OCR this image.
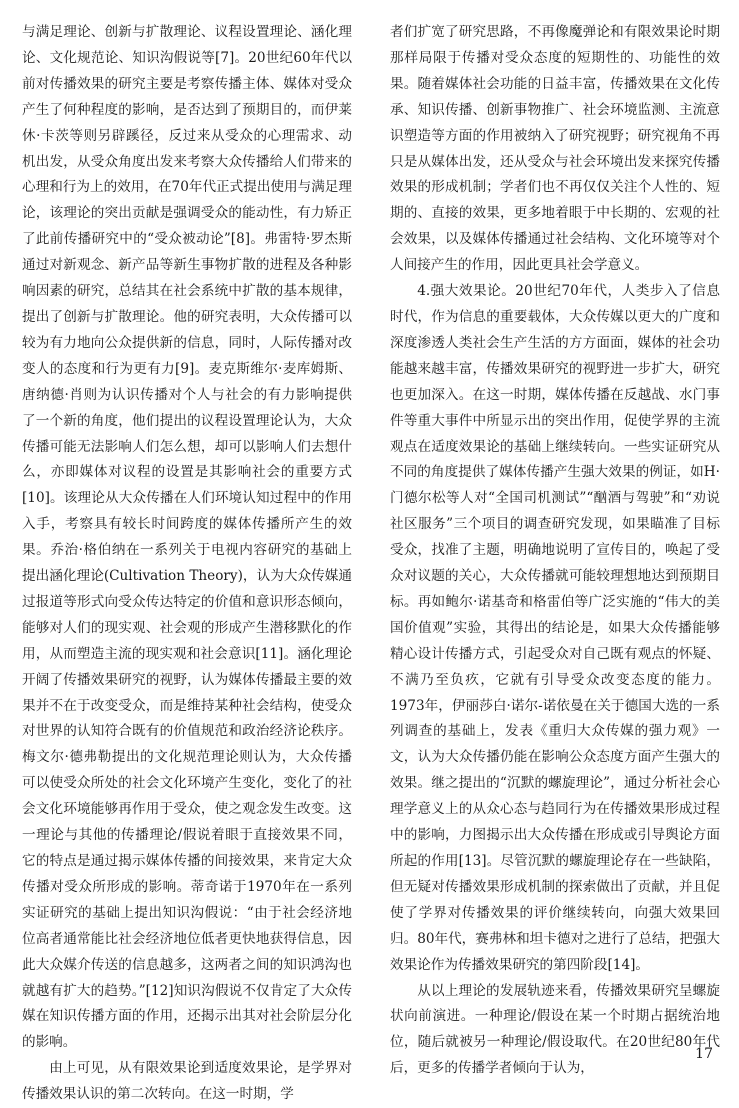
与满足理论、创新与扩散理论、议程设置理论、涵化理论、文化规范论、知识沟假说等[7]。20世纪60年代以前对传播效果的研究主要是考察传播主体、媒体对受众产生了何种程度的影响，是否达到了预期目的，而伊莱休·卡茨等则另辟蹊径，反过来从受众的心理需求、动机出发，从受众角度出发来考察大众传播给人们带来的心理和行为上的效用，在70年代正式提出使用与满足理论，该理论的突出贡献是强调受众的能动性，有力矫正了此前传播研究中的“受众被动论”[8]。弗雷特·罗杰斯通过对新观念、新产品等新生事物扩散的进程及各种影响因素的研究，总结其在社会系统中扩散的基本规律，提出了创新与扩散理论。他的研究表明，大众传播可以较为有力地向公众提供新的信息，同时，人际传播对改变人的态度和行为更有力[9]。麦克斯维尔·麦库姆斯、唐纳德·肖则为认识传播对个人与社会的有力影响提供了一个新的角度，他们提出的议程设置理论认为，大众传播可能无法影响人们怎么想，却可以影响人们去想什么，亦即媒体对议程的设置是其影响社会的重要方式[10]。该理论从大众传播在人们环境认知过程中的作用入手，考察具有较长时间跨度的媒体传播所产生的效果。乔治·格伯纳在一系列关于电视内容研究的基础上提出涵化理论(Cultivation Theory)，认为大众传媒通过报道等形式向受众传达特定的价值和意识形态倾向，能够对人们的现实观、社会观的形成产生潜移默化的作用，从而塑造主流的现实观和社会意识[11]。涵化理论开阔了传播效果研究的视野，认为媒体传播最主要的效果并不在于改变受众，而是维持某种社会结构，使受众对世界的认知符合既有的价值规范和政治经济论秩序。梅文尔·德弗勒提出的文化规范理论则认为，大众传播可以使受众所处的社会文化环境产生变化，变化了的社会文化环境能够再作用于受众，使之观念发生改变。这一理论与其他的传播理论/假说着眼于直接效果不同，它的特点是通过揭示媒体传播的间接效果，来肯定大众传播对受众所形成的影响。蒂奇诺于1970年在一系列实证研究的基础上提出知识沟假说：“由于社会经济地位高者通常能比社会经济地位低者更快地获得信息，因此大众媒介传送的信息越多，这两者之间的知识鸿沟也就越有扩大的趋势。”[12]知识沟假说不仅肯定了大众传媒在知识传播方面的作用，还揭示出其对社会阶层分化的影响。

由上可见，从有限效果论到适度效果论，是学界对传播效果认识的第二次转向。在这一时期，学

者们扩宽了研究思路，不再像魔弹论和有限效果论时期那样局限于传播对受众态度的短期性的、功能性的效果。随着媒体社会功能的日益丰富，传播效果在文化传承、知识传播、创新事物推广、社会环境监测、主流意识塑造等方面的作用被纳入了研究视野；研究视角不再只是从媒体出发，还从受众与社会环境出发来探究传播效果的形成机制；学者们也不再仅仅关注个人性的、短期的、直接的效果，更多地着眼于中长期的、宏观的社会效果，以及媒体传播通过社会结构、文化环境等对个人间接产生的作用，因此更具社会学意义。

4.强大效果论。20世纪70年代，人类步入了信息时代，作为信息的重要载体，大众传媒以更大的广度和深度渗透人类社会生产生活的方方面面，媒体的社会功能越来越丰富，传播效果研究的视野进一步扩大，研究也更加深入。在这一时期，媒体传播在反越战、水门事件等重大事件中所显示出的突出作用，促使学界的主流观点在适度效果论的基础上继续转向。一些实证研究从不同的角度提供了媒体传播产生强大效果的例证，如H·门德尔松等人对“全国司机测试”“酗酒与驾驶”和“劝说社区服务”三个项目的调查研究发现，如果瞄准了目标受众，找准了主题，明确地说明了宣传目的，唤起了受众对议题的关心，大众传播就可能较理想地达到预期目标。再如鲍尔·诺基奇和格雷伯等广泛实施的“伟大的美国价值观”实验，其得出的结论是，如果大众传播能够精心设计传播方式，引起受众对自己既有观点的怀疑、不满乃至负疚，它就有引导受众改变态度的能力。1973年，伊丽莎白·诺尔-诺依曼在关于德国大选的一系列调查的基础上，发表《重归大众传媒的强力观》一文，认为大众传播仍能在影响公众态度方面产生强大的效果。继之提出的“沉默的螺旋理论”，通过分析社会心理学意义上的从众心态与趋同行为在传播效果形成过程中的影响，力图揭示出大众传播在形成或引导舆论方面所起的作用[13]。尽管沉默的螺旋理论存在一些缺陷，但无疑对传播效果形成机制的探索做出了贡献，并且促使了学界对传播效果的评价继续转向，向强大效果回归。80年代，赛弗林和坦卡德对之进行了总结，把强大效果论作为传播效果研究的第四阶段[14]。

从以上理论的发展轨迹来看，传播效果研究呈螺旋状向前演进。一种理论/假设在某一个时期占据统治地位，随后就被另一种理论/假设取代。在20世纪80年代后，更多的传播学者倾向于认为，

17
